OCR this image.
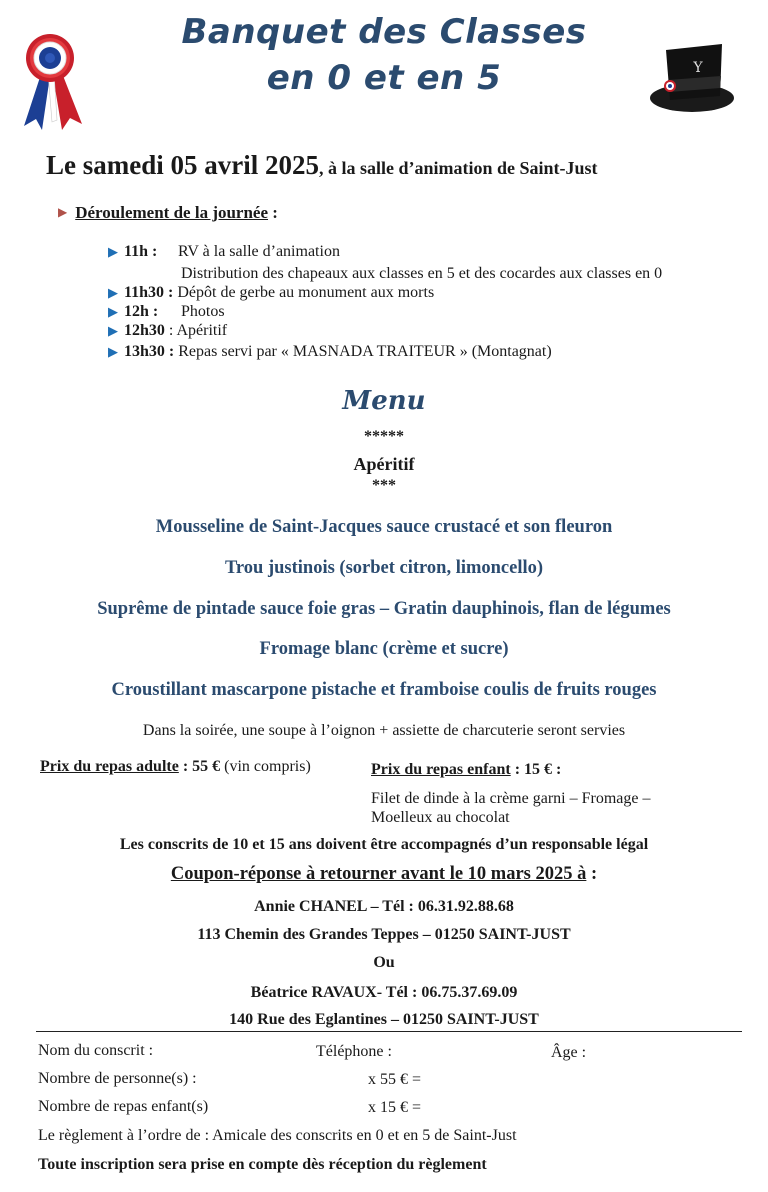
Y
Banquet des Classes
en 0 et en 5
Le samedi 05 avril 2025, à la salle d’animation de Saint-Just
▶ Déroulement de la journée :
▶ 11h : RV à la salle d’animation
Distribution des chapeaux aux classes en 5 et des cocardes aux classes en 0
▶ 11h30 : Dépôt de gerbe au monument aux morts
▶ 12h : Photos
▶ 12h30 : Apéritif
▶ 13h30 : Repas servi par « MASNADA TRAITEUR » (Montagnat)
Menu
*****
Apéritif
***
Mousseline de Saint-Jacques sauce crustacé et son fleuron
Trou justinois (sorbet citron, limoncello)
Suprême de pintade sauce foie gras – Gratin dauphinois, flan de légumes
Fromage blanc (crème et sucre)
Croustillant mascarpone pistache et framboise coulis de fruits rouges
Dans la soirée, une soupe à l’oignon + assiette de charcuterie seront servies
Prix du repas adulte : 55 € (vin compris)	Prix du repas enfant : 15 € :
Filet de dinde à la crème garni – Fromage –
Moelleux au chocolat
Les conscrits de 10 et 15 ans doivent être accompagnés d’un responsable légal
Coupon-réponse à retourner avant le 10 mars 2025 à :
Annie CHANEL – Tél : 06.31.92.88.68
113 Chemin des Grandes Teppes – 01250 SAINT-JUST
Ou
Béatrice RAVAUX- Tél : 06.75.37.69.09
140 Rue des Eglantines – 01250 SAINT-JUST
Nom du conscrit :	Téléphone :	Âge :
Nombre de personne(s) :	x 55 € =
Nombre de repas enfant(s)	x 15 € =
Le règlement à l’ordre de : Amicale des conscrits en 0 et en 5 de Saint-Just
Toute inscription sera prise en compte dès réception du règlement
